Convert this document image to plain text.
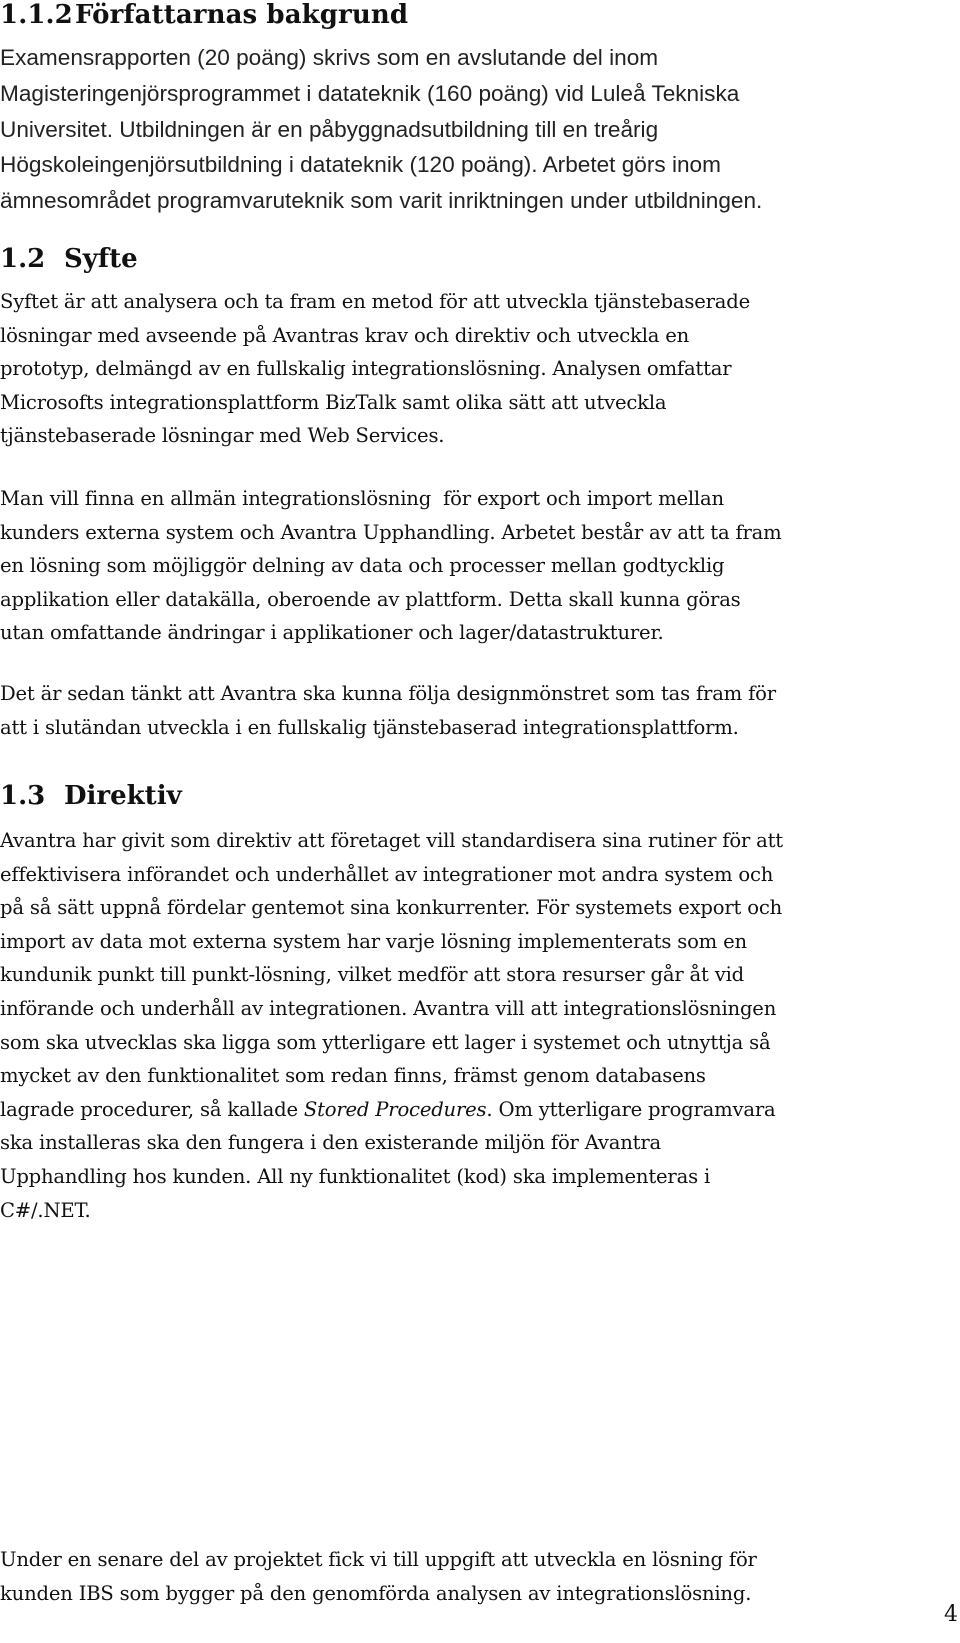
1.1.2Författarnas bakgrund
Examensrapporten (20 poäng) skrivs som en avslutande del inom
Magisteringenjörsprogrammet i datateknik (160 poäng) vid Luleå Tekniska
Universitet. Utbildningen är en påbyggnadsutbildning till en treårig
Högskoleingenjörsutbildning i datateknik (120 poäng). Arbetet görs inom
ämnesområdet programvaruteknik som varit inriktningen under utbildningen.
1.2 Syfte
Syftet är att analysera och ta fram en metod för att utveckla tjänstebaserade
lösningar med avseende på Avantras krav och direktiv och utveckla en
prototyp, delmängd av en fullskalig integrationslösning. Analysen omfattar
Microsofts integrationsplattform BizTalk samt olika sätt att utveckla
tjänstebaserade lösningar med Web Services.
Man vill finna en allmän integrationslösning  för export och import mellan
kunders externa system och Avantra Upphandling. Arbetet består av att ta fram
en lösning som möjliggör delning av data och processer mellan godtycklig
applikation eller datakälla, oberoende av plattform. Detta skall kunna göras
utan omfattande ändringar i applikationer och lager/datastrukturer.
Det är sedan tänkt att Avantra ska kunna följa designmönstret som tas fram för
att i slutändan utveckla i en fullskalig tjänstebaserad integrationsplattform.
1.3 Direktiv
Avantra har givit som direktiv att företaget vill standardisera sina rutiner för att
effektivisera införandet och underhållet av integrationer mot andra system och
på så sätt uppnå fördelar gentemot sina konkurrenter. För systemets export och
import av data mot externa system har varje lösning implementerats som en
kundunik punkt till punkt-lösning, vilket medför att stora resurser går åt vid
införande och underhåll av integrationen. Avantra vill att integrationslösningen
som ska utvecklas ska ligga som ytterligare ett lager i systemet och utnyttja så
mycket av den funktionalitet som redan finns, främst genom databasens
lagrade procedurer, så kallade Stored Procedures. Om ytterligare programvara
ska installeras ska den fungera i den existerande miljön för Avantra
Upphandling hos kunden. All ny funktionalitet (kod) ska implementeras i
C#/.NET.
Under en senare del av projektet fick vi till uppgift att utveckla en lösning för
kunden IBS som bygger på den genomförda analysen av integrationslösning.

4
